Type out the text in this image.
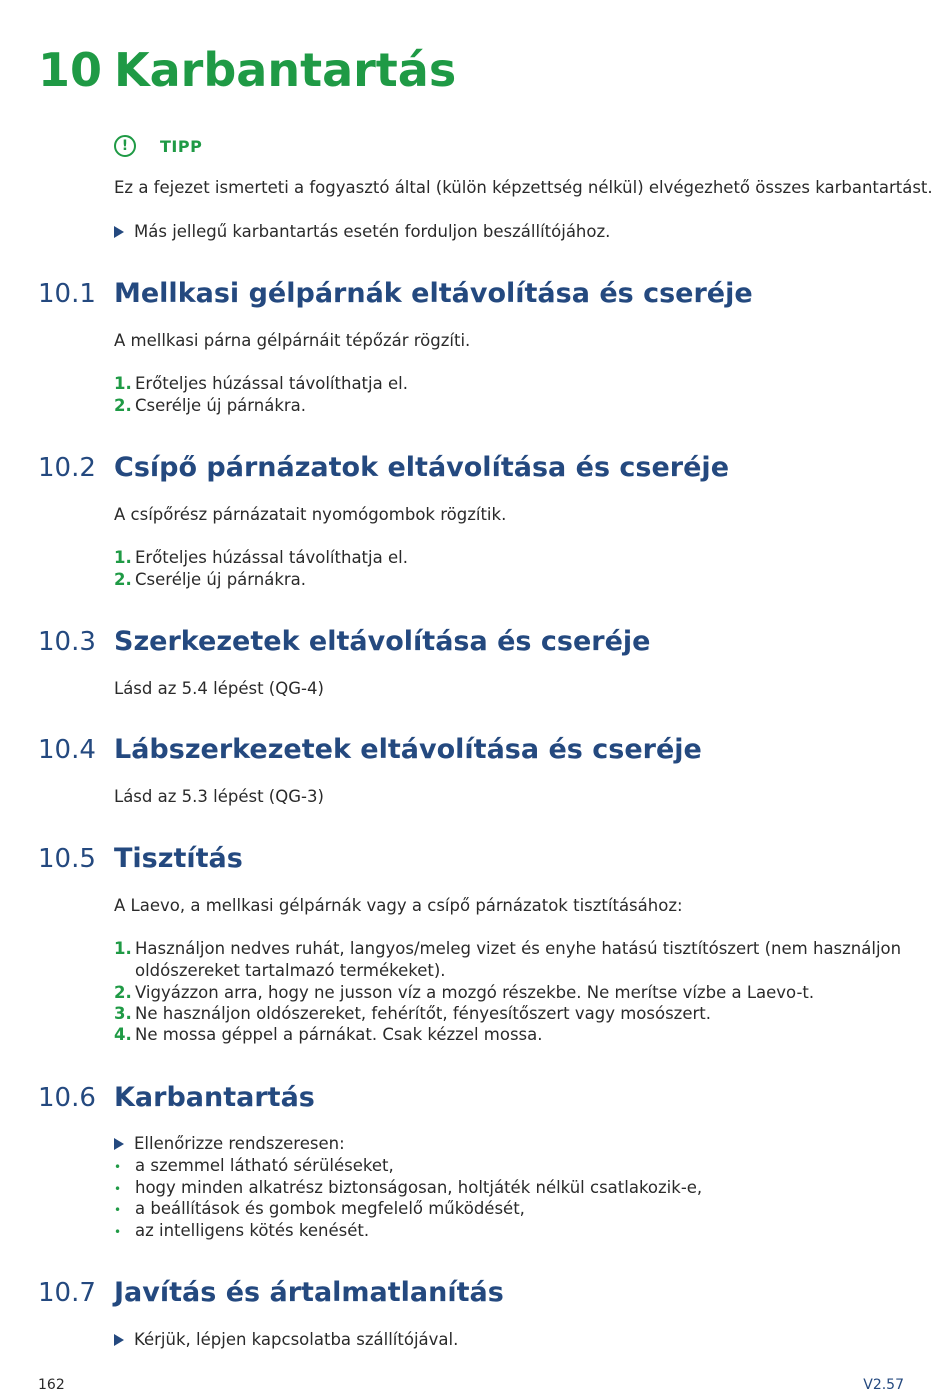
10 Karbantartás
!	TIPP
Ez a fejezet ismerteti a fogyasztó által (külön képzettség nélkül) elvégezhető összes karbantartást.
Más jellegű karbantartás esetén forduljon beszállítójához.
10.1 Mellkasi gélpárnák eltávolítása és cseréje
A mellkasi párna gélpárnáit tépőzár rögzíti.
1. Erőteljes húzással távolíthatja el.
2. Cserélje új párnákra.
10.2 Csípő párnázatok eltávolítása és cseréje
A csípőrész párnázatait nyomógombok rögzítik.
1. Erőteljes húzással távolíthatja el.
2. Cserélje új párnákra.
10.3 Szerkezetek eltávolítása és cseréje
Lásd az 5.4 lépést (QG-4)
10.4 Lábszerkezetek eltávolítása és cseréje
Lásd az 5.3 lépést (QG-3)
10.5 Tisztítás
A Laevo, a mellkasi gélpárnák vagy a csípő párnázatok tisztításához:
1. Használjon nedves ruhát, langyos/meleg vizet és enyhe hatású tisztítószert (nem használjon
oldószereket tartalmazó termékeket).
2. Vigyázzon arra, hogy ne jusson víz a mozgó részekbe. Ne merítse vízbe a Laevo-t.
3. Ne használjon oldószereket, fehérítőt, fényesítőszert vagy mosószert.
4. Ne mossa géppel a párnákat. Csak kézzel mossa.
10.6 Karbantartás
Ellenőrizze rendszeresen:
• a szemmel látható sérüléseket,
• hogy minden alkatrész biztonságosan, holtjáték nélkül csatlakozik-e,
• a beállítások és gombok megfelelő működését,
• az intelligens kötés kenését.
10.7 Javítás és ártalmatlanítás
Kérjük, lépjen kapcsolatba szállítójával.
162	V2.57
